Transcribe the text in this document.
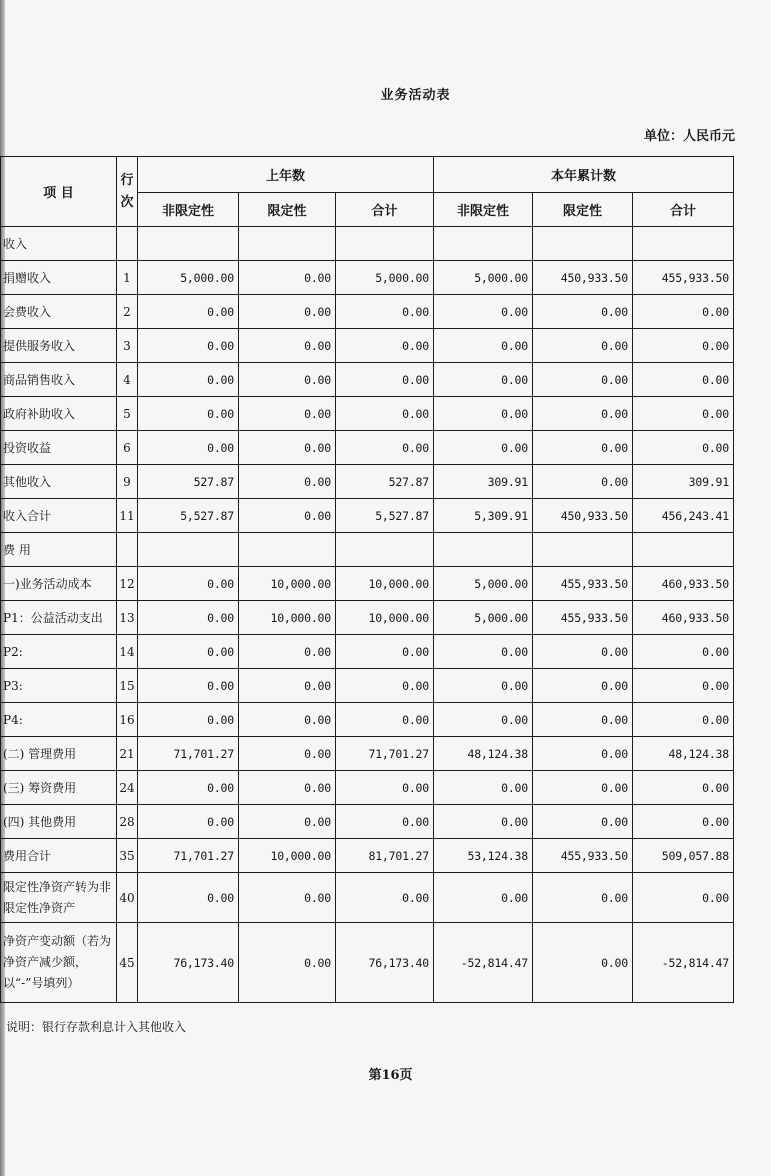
业务活动表
单位：人民币元
项 目	行次	上年数			本年累计数		
		非限定性	限定性	合计	非限定性	限定性	合计
收入							
捐赠收入	1	5,000.00	0.00	5,000.00	5,000.00	450,933.50	455,933.50
会费收入	2	0.00	0.00	0.00	0.00	0.00	0.00
提供服务收入	3	0.00	0.00	0.00	0.00	0.00	0.00
商品销售收入	4	0.00	0.00	0.00	0.00	0.00	0.00
政府补助收入	5	0.00	0.00	0.00	0.00	0.00	0.00
投资收益	6	0.00	0.00	0.00	0.00	0.00	0.00
其他收入	9	527.87	0.00	527.87	309.91	0.00	309.91
收入合计	11	5,527.87	0.00	5,527.87	5,309.91	450,933.50	456,243.41
费 用							
一)业务活动成本	12	0.00	10,000.00	10,000.00	5,000.00	455,933.50	460,933.50
P1：公益活动支出	13	0.00	10,000.00	10,000.00	5,000.00	455,933.50	460,933.50
P2:	14	0.00	0.00	0.00	0.00	0.00	0.00
P3:	15	0.00	0.00	0.00	0.00	0.00	0.00
P4:	16	0.00	0.00	0.00	0.00	0.00	0.00
(二) 管理费用	21	71,701.27	0.00	71,701.27	48,124.38	0.00	48,124.38
(三) 筹资费用	24	0.00	0.00	0.00	0.00	0.00	0.00
(四) 其他费用	28	0.00	0.00	0.00	0.00	0.00	0.00
费用合计	35	71,701.27	10,000.00	81,701.27	53,124.38	455,933.50	509,057.88
限定性净资产转为非限定性净资产	40	0.00	0.00	0.00	0.00	0.00	0.00
净资产变动额（若为净资产减少额，以“-”号填列）	45	76,173.40	0.00	76,173.40	-52,814.47	0.00	-52,814.47
说明：银行存款利息计入其他收入
第16页
